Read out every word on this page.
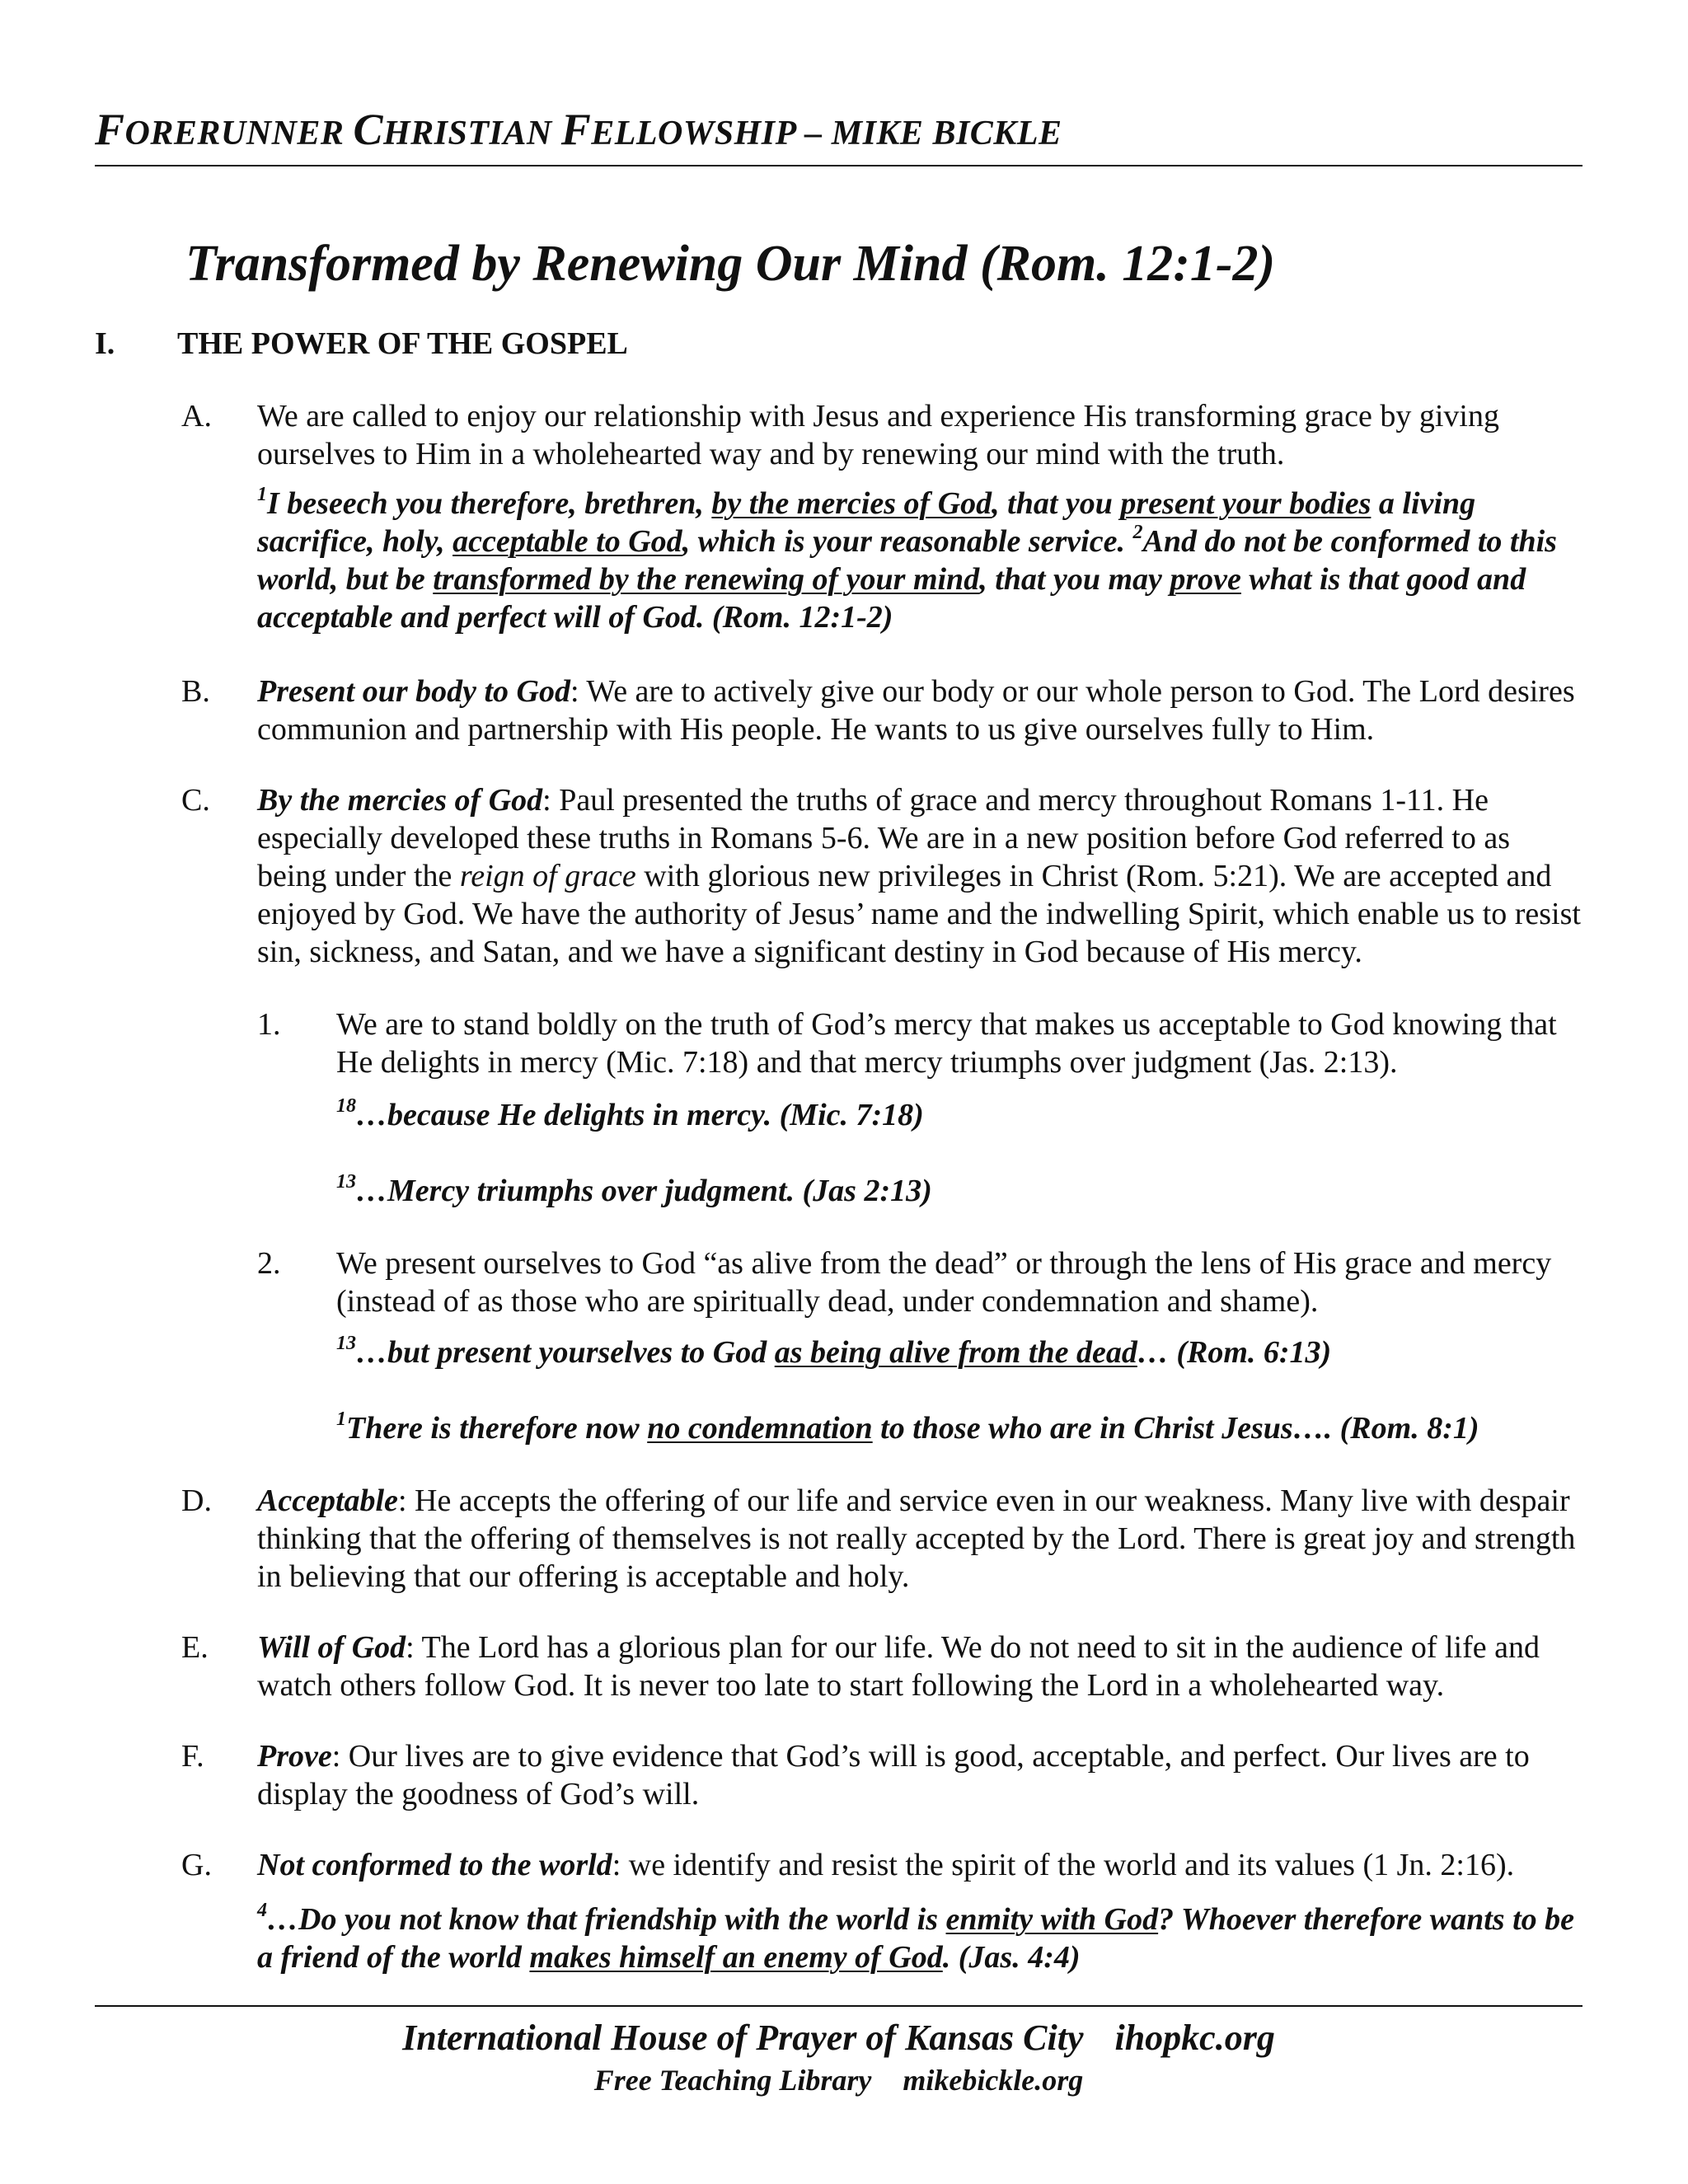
FORERUNNER CHRISTIAN FELLOWSHIP – MIKE BICKLE
Transformed by Renewing Our Mind (Rom. 12:1-2)
I. THE POWER OF THE GOSPEL
A. We are called to enjoy our relationship with Jesus and experience His transforming grace by giving ourselves to Him in a wholehearted way and by renewing our mind with the truth.
$^1$I beseech you therefore, brethren, by the mercies of God, that you present your bodies a living sacrifice, holy, acceptable to God, which is your reasonable service. $^2$And do not be conformed to this world, but be transformed by the renewing of your mind, that you may prove what is that good and acceptable and perfect will of God. (Rom. 12:1-2)
B. Present our body to God: We are to actively give our body or our whole person to God. The Lord desires communion and partnership with His people. He wants to us give ourselves fully to Him.
C. By the mercies of God: Paul presented the truths of grace and mercy throughout Romans 1-11. He especially developed these truths in Romans 5-6. We are in a new position before God referred to as being under the reign of grace with glorious new privileges in Christ (Rom. 5:21). We are accepted and enjoyed by God. We have the authority of Jesus’ name and the indwelling Spirit, which enable us to resist sin, sickness, and Satan, and we have a significant destiny in God because of His mercy.
1. We are to stand boldly on the truth of God’s mercy that makes us acceptable to God knowing that He delights in mercy (Mic. 7:18) and that mercy triumphs over judgment (Jas. 2:13).
$^{18}$…because He delights in mercy. (Mic. 7:18)
$^{13}$…Mercy triumphs over judgment. (Jas 2:13)
2. We present ourselves to God “as alive from the dead” or through the lens of His grace and mercy (instead of as those who are spiritually dead, under condemnation and shame).
$^{13}$…but present yourselves to God as being alive from the dead… (Rom. 6:13)
$^1$There is therefore now no condemnation to those who are in Christ Jesus…. (Rom. 8:1)
D. Acceptable: He accepts the offering of our life and service even in our weakness. Many live with despair thinking that the offering of themselves is not really accepted by the Lord. There is great joy and strength in believing that our offering is acceptable and holy.
E. Will of God: The Lord has a glorious plan for our life. We do not need to sit in the audience of life and watch others follow God. It is never too late to start following the Lord in a wholehearted way.
F. Prove: Our lives are to give evidence that God’s will is good, acceptable, and perfect. Our lives are to display the goodness of God’s will.
G. Not conformed to the world: we identify and resist the spirit of the world and its values (1 Jn. 2:16).
$^4$…Do you not know that friendship with the world is enmity with God? Whoever therefore wants to be a friend of the world makes himself an enemy of God. (Jas. 4:4)
International House of Prayer of Kansas City ihopkc.org
Free Teaching Library mikebickle.org
